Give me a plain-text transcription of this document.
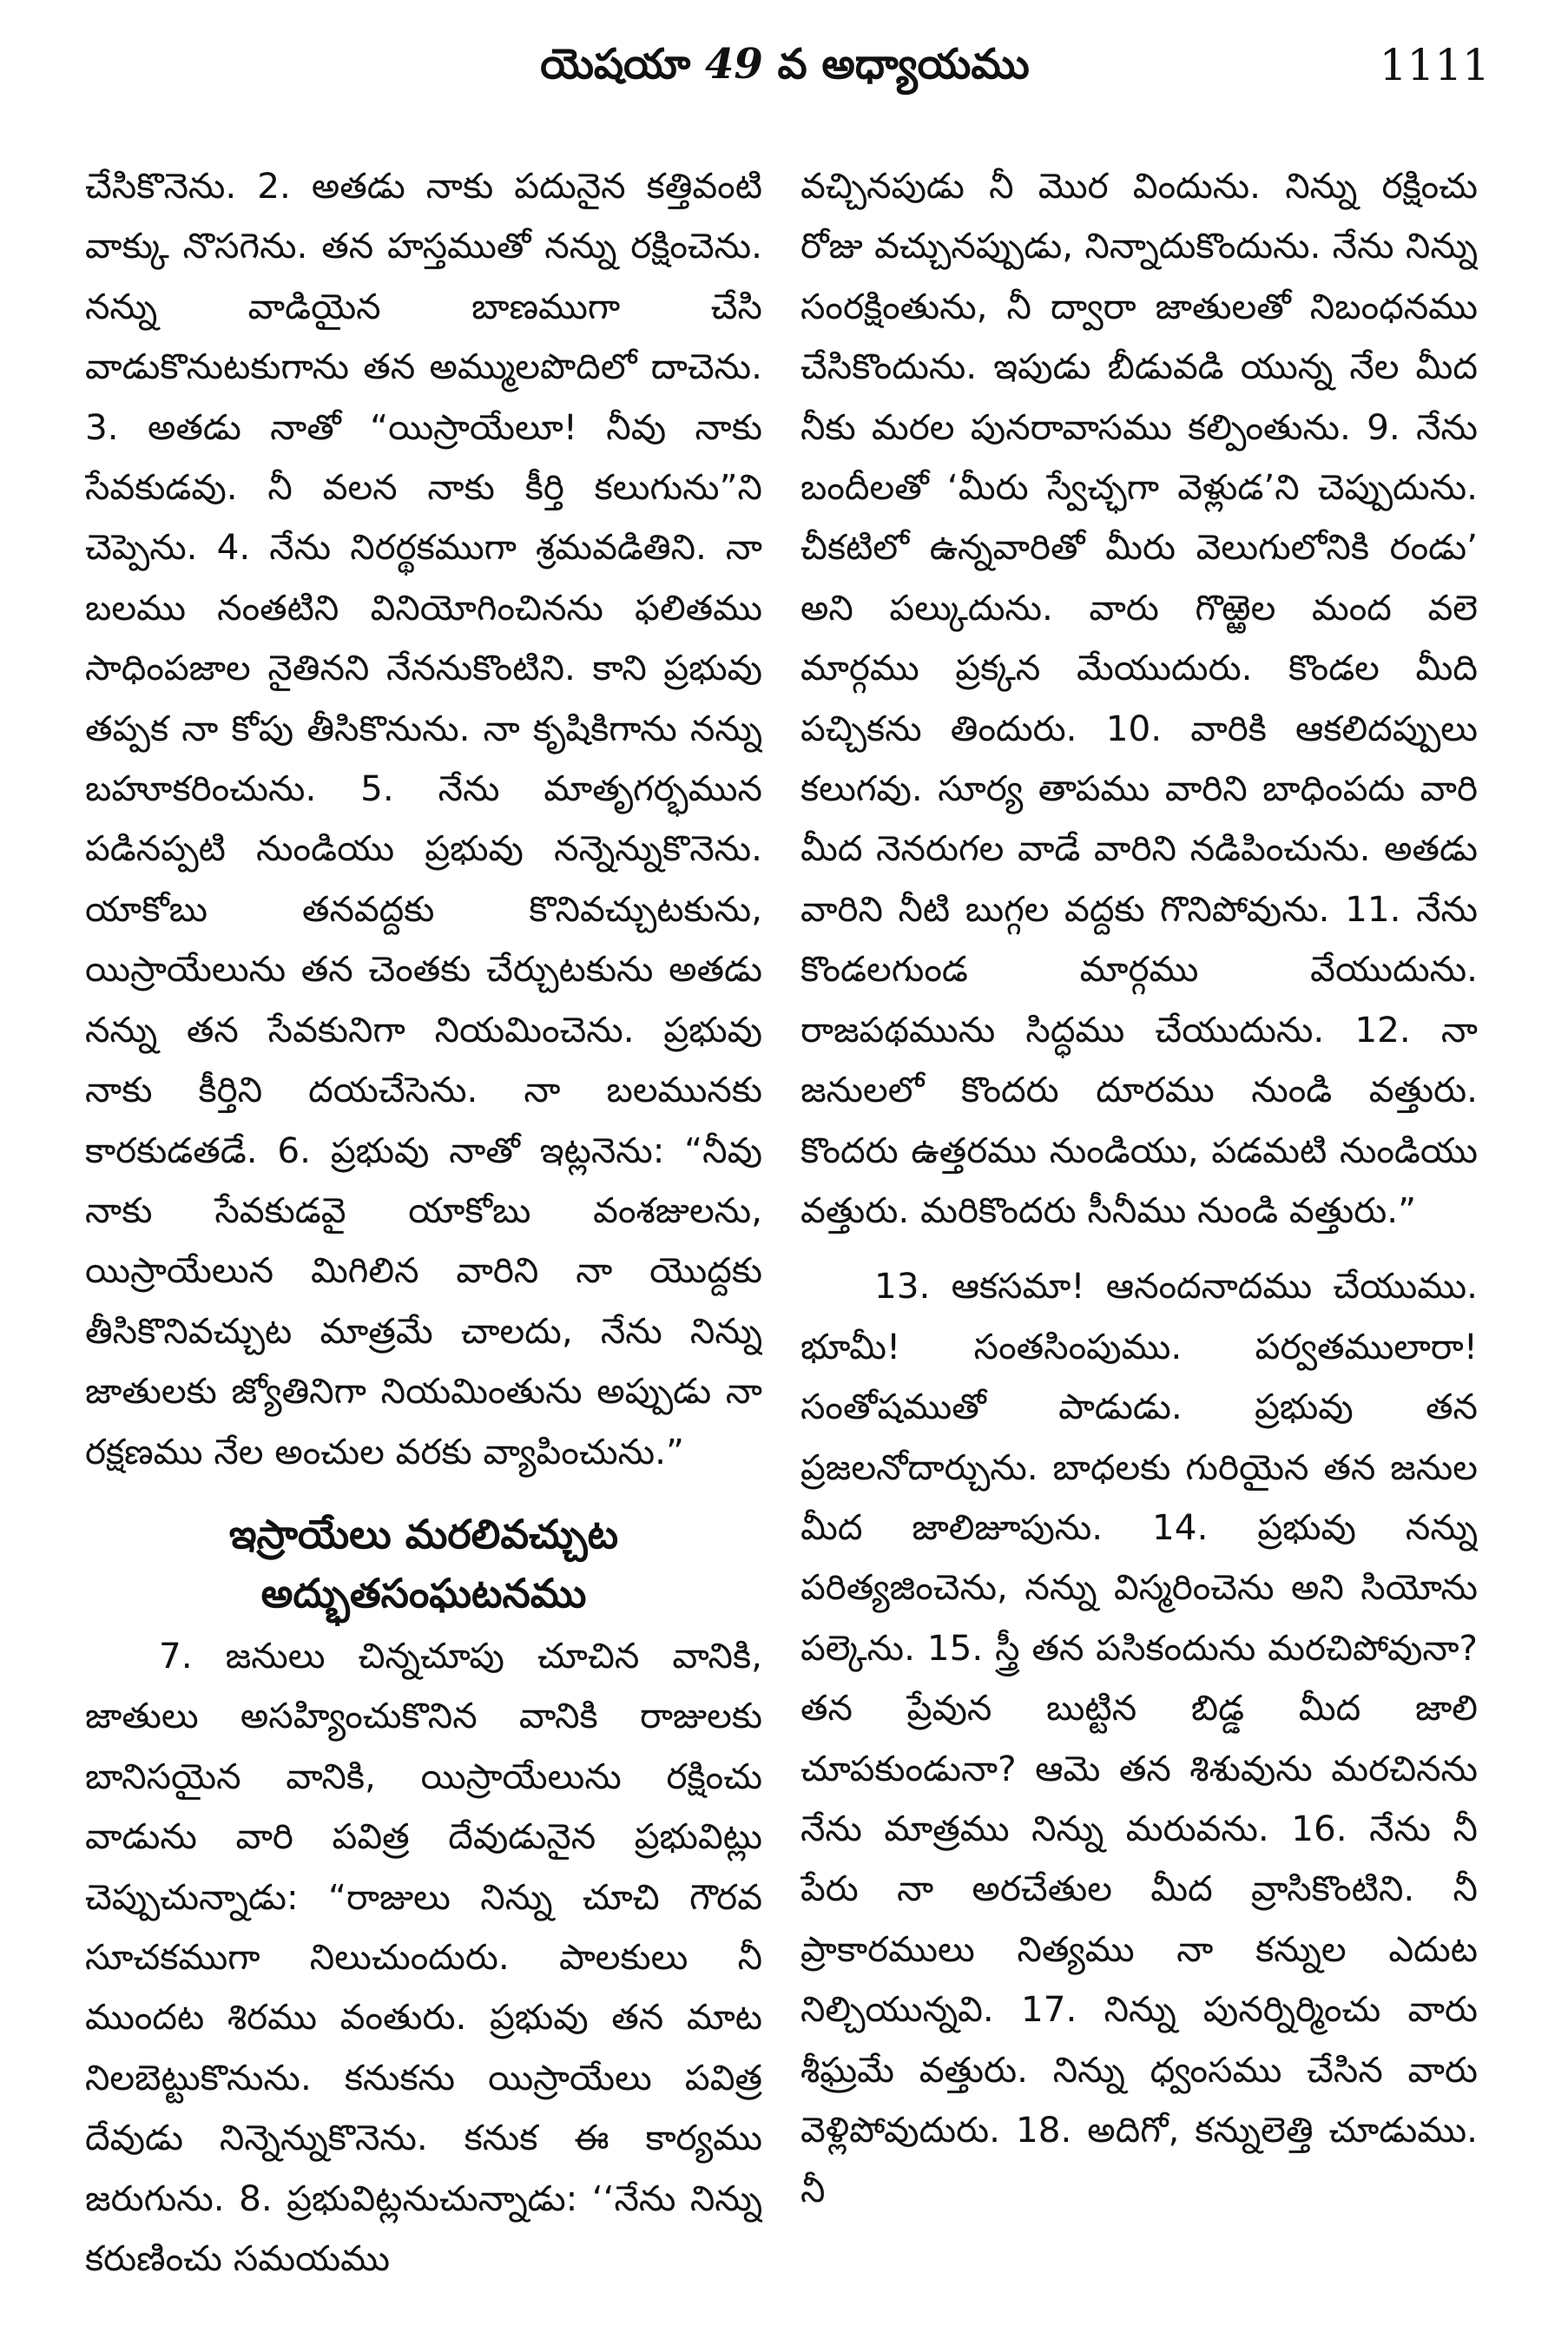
యెషయా 49 వ అధ్యాయము	1111

చేసికొనెను. 2. అతడు నాకు పదునైన కత్తివంటి వాక్కు నొసగెను. తన హస్తముతో నన్ను రక్షించెను. నన్ను వాడియైన బాణముగా చేసి వాడుకొనుటకుగాను తన అమ్ములపొదిలో దాచెను. 3. అతడు నాతో “యిస్రాయేలూ! నీవు నాకు సేవకుడవు. నీ వలన నాకు కీర్తి కలుగును”ని చెప్పెను. 4. నేను నిరర్థకముగా శ్రమవడితిని. నా బలము నంతటిని వినియోగించినను ఫలితము సాధింపజాల నైతినని నేననుకొంటిని. కాని ప్రభువు తప్పక నా కోపు తీసికొనును. నా కృషికిగాను నన్ను బహూకరించును. 5. నేను మాతృగర్భమున పడినప్పటి నుండియు ప్రభువు నన్నెన్నుకొనెను. యాకోబు తనవద్దకు కొనివచ్చుటకును, యిస్రాయేలును తన చెంతకు చేర్చుటకును అతడు నన్ను తన సేవకునిగా నియమించెను. ప్రభువు నాకు కీర్తిని దయచేసెను. నా బలమునకు కారకుడతడే. 6. ప్రభువు నాతో ఇట్లనెను: “నీవు నాకు సేవకుడవై యాకోబు వంశజులను, యిస్రాయేలున మిగిలిన వారిని నా యొద్దకు తీసికొనివచ్చుట మాత్రమే చాలదు, నేను నిన్ను జాతులకు జ్యోతినిగా నియమింతును అప్పుడు నా రక్షణము నేల అంచుల వరకు వ్యాపించును.”

ఇస్రాయేలు మరలివచ్చుట
అద్భుతసంఘటనము

7. జనులు చిన్నచూపు చూచిన వానికి, జాతులు అసహ్యించుకొనిన వానికి రాజులకు బానిసయైన వానికి, యిస్రాయేలును రక్షించు వాడును వారి పవిత్ర దేవుడునైన ప్రభువిట్లు చెప్పుచున్నాడు: “రాజులు నిన్ను చూచి గౌరవ సూచకముగా నిలుచుందురు. పాలకులు నీ ముందట శిరము వంతురు. ప్రభువు తన మాట నిలబెట్టుకొనును. కనుకను యిస్రాయేలు పవిత్ర దేవుడు నిన్నెన్నుకొనెను. కనుక ఈ కార్యము జరుగును. 8. ప్రభువిట్లనుచున్నాడు: ‘‘నేను నిన్ను కరుణించు సమయము

వచ్చినపుడు నీ మొర విందును. నిన్ను రక్షించు రోజు వచ్చునప్పుడు, నిన్నాదుకొందును. నేను నిన్ను సంరక్షింతును, నీ ద్వారా జాతులతో నిబంధనము చేసికొందును. ఇపుడు బీడువడి యున్న నేల మీద నీకు మరల పునరావాసము కల్పింతును. 9. నేను బందీలతో ‘మీరు స్వేచ్ఛగా వెళ్లుడ’ని చెప్పుదును. చీకటిలో ఉన్నవారితో మీరు వెలుగులోనికి రండు’ అని పల్కుదును. వారు గొఱ్ఱెల మంద వలె మార్గము ప్రక్కన మేయుదురు. కొండల మీది పచ్చికను తిందురు. 10. వారికి ఆకలిదప్పులు కలుగవు. సూర్య తాపము వారిని బాధింపదు వారి మీద నెనరుగల వాడే వారిని నడిపించును. అతడు వారిని నీటి బుగ్గల వద్దకు గొనిపోవును. 11. నేను కొండలగుండ మార్గము వేయుదును. రాజపథమును సిద్ధము చేయుదును. 12. నా జనులలో కొందరు దూరము నుండి వత్తురు. కొందరు ఉత్తరము నుండియు, పడమటి నుండియు వత్తురు. మరికొందరు సీనీము నుండి వత్తురు.”

13. ఆకసమా! ఆనందనాదము చేయుము. భూమీ! సంతసింపుము. పర్వతములారా! సంతోషముతో పాడుడు. ప్రభువు తన ప్రజలనోదార్చును. బాధలకు గురియైన తన జనుల మీద జాలిజూపును. 14. ప్రభువు నన్ను పరిత్యజించెను, నన్ను విస్మరించెను అని సియోను పల్కెను. 15. స్త్రీ తన పసికందును మరచిపోవునా? తన ప్రేవున బుట్టిన బిడ్డ మీద జాలి చూపకుండునా? ఆమె తన శిశువును మరచినను నేను మాత్రము నిన్ను మరువను. 16. నేను నీ పేరు నా అరచేతుల మీద వ్రాసికొంటిని. నీ ప్రాకారములు నిత్యము నా కన్నుల ఎదుట నిల్చియున్నవి. 17. నిన్ను పునర్నిర్మించు వారు శీఘ్రమే వత్తురు. నిన్ను ధ్వంసము చేసిన వారు వెళ్లిపోవుదురు. 18. అదిగో, కన్నులెత్తి చూడుము. నీ
